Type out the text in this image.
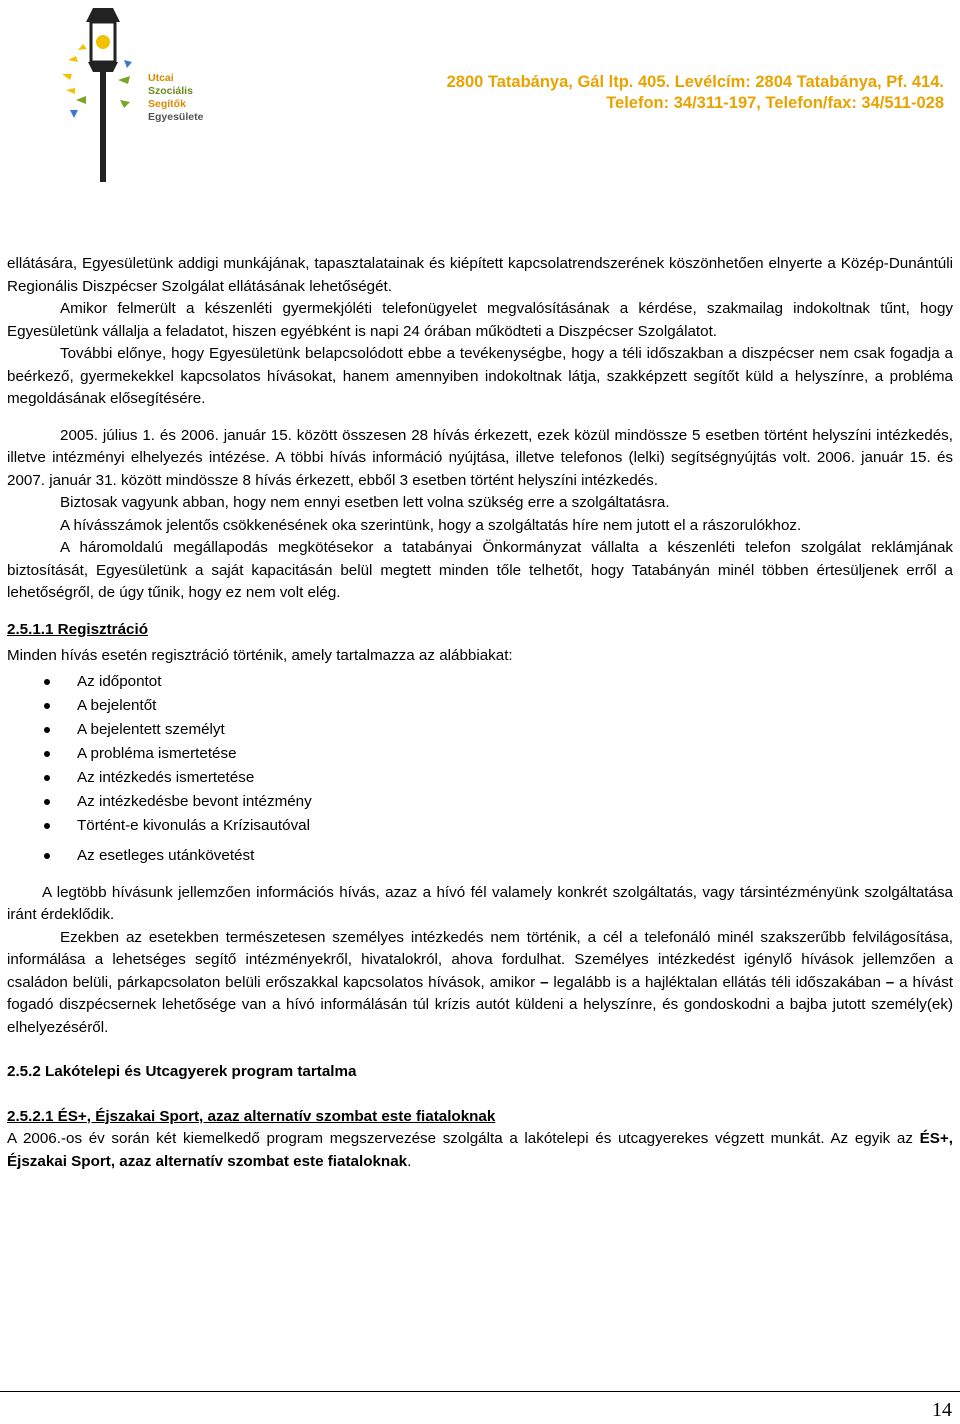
Utcai
Szociális
Segítők
Egyesülete
2800 Tatabánya, Gál ltp. 405. Levélcím: 2804 Tatabánya, Pf. 414.
Telefon: 34/311-197, Telefon/fax: 34/511-028

ellátására, Egyesületünk addigi munkájának, tapasztalatainak és kiépített kapcsolatrendszerének köszönhetően elnyerte a Közép-Dunántúli Regionális Diszpécser Szolgálat ellátásának lehetőségét.

Amikor felmerült a készenléti gyermekjóléti telefonügyelet megvalósításának a kérdése, szakmailag indokoltnak tűnt, hogy Egyesületünk vállalja a feladatot, hiszen egyébként is napi 24 órában működteti a Diszpécser Szolgálatot.

További előnye, hogy Egyesületünk belapcsolódott ebbe a tevékenységbe, hogy a téli időszakban a diszpécser nem csak fogadja a beérkező, gyermekekkel kapcsolatos hívásokat, hanem amennyiben indokoltnak látja, szakképzett segítőt küld a helyszínre, a probléma megoldásának elősegítésére.

2005. július 1. és 2006. január 15. között összesen 28 hívás érkezett, ezek közül mindössze 5 esetben történt helyszíni intézkedés, illetve intézményi elhelyezés intézése. A többi hívás információ nyújtása, illetve telefonos (lelki) segítségnyújtás volt. 2006. január 15. és 2007. január 31. között mindössze 8 hívás érkezett, ebből 3 esetben történt helyszíni intézkedés.

Biztosak vagyunk abban, hogy nem ennyi esetben lett volna szükség erre a szolgáltatásra.

A hívásszámok jelentős csökkenésének oka szerintünk, hogy a szolgáltatás híre nem jutott el a rászorulókhoz.

A háromoldalú megállapodás megkötésekor a tatabányai Önkormányzat vállalta a készenléti telefon szolgálat reklámjának biztosítását, Egyesületünk a saját kapacitásán belül megtett minden tőle telhetőt, hogy Tatabányán minél többen értesüljenek erről a lehetőségről, de úgy tűnik, hogy ez nem volt elég.

2.5.1.1 Regisztráció

Minden hívás esetén regisztráció történik, amely tartalmazza az alábbiakat:

Az időpontot
A bejelentőt
A bejelentett személyt
A probléma ismertetése
Az intézkedés ismertetése
Az intézkedésbe bevont intézmény
Történt-e kivonulás a Krízisautóval
Az esetleges utánkövetést

A legtöbb hívásunk jellemzően információs hívás, azaz a hívó fél valamely konkrét szolgáltatás, vagy társintézményünk szolgáltatása iránt érdeklődik.

Ezekben az esetekben természetesen személyes intézkedés nem történik, a cél a telefonáló minél szakszerűbb felvilágosítása, informálása a lehetséges segítő intézményekről, hivatalokról, ahova fordulhat. Személyes intézkedést igénylő hívások jellemzően a családon belüli, párkapcsolaton belüli erőszakkal kapcsolatos hívások, amikor – legalább is a hajléktalan ellátás téli időszakában – a hívást fogadó diszpécsernek lehetősége van a hívó informálásán túl krízis autót küldeni a helyszínre, és gondoskodni a bajba jutott személy(ek) elhelyezéséről.

2.5.2 Lakótelepi és Utcagyerek program tartalma

2.5.2.1 ÉS+, Éjszakai Sport, azaz alternatív szombat este fiataloknak

A 2006.-os év során két kiemelkedő program megszervezése szolgálta a lakótelepi és utcagyerekes végzett munkát. Az egyik az ÉS+, Éjszakai Sport, azaz alternatív szombat este fiataloknak.

14
